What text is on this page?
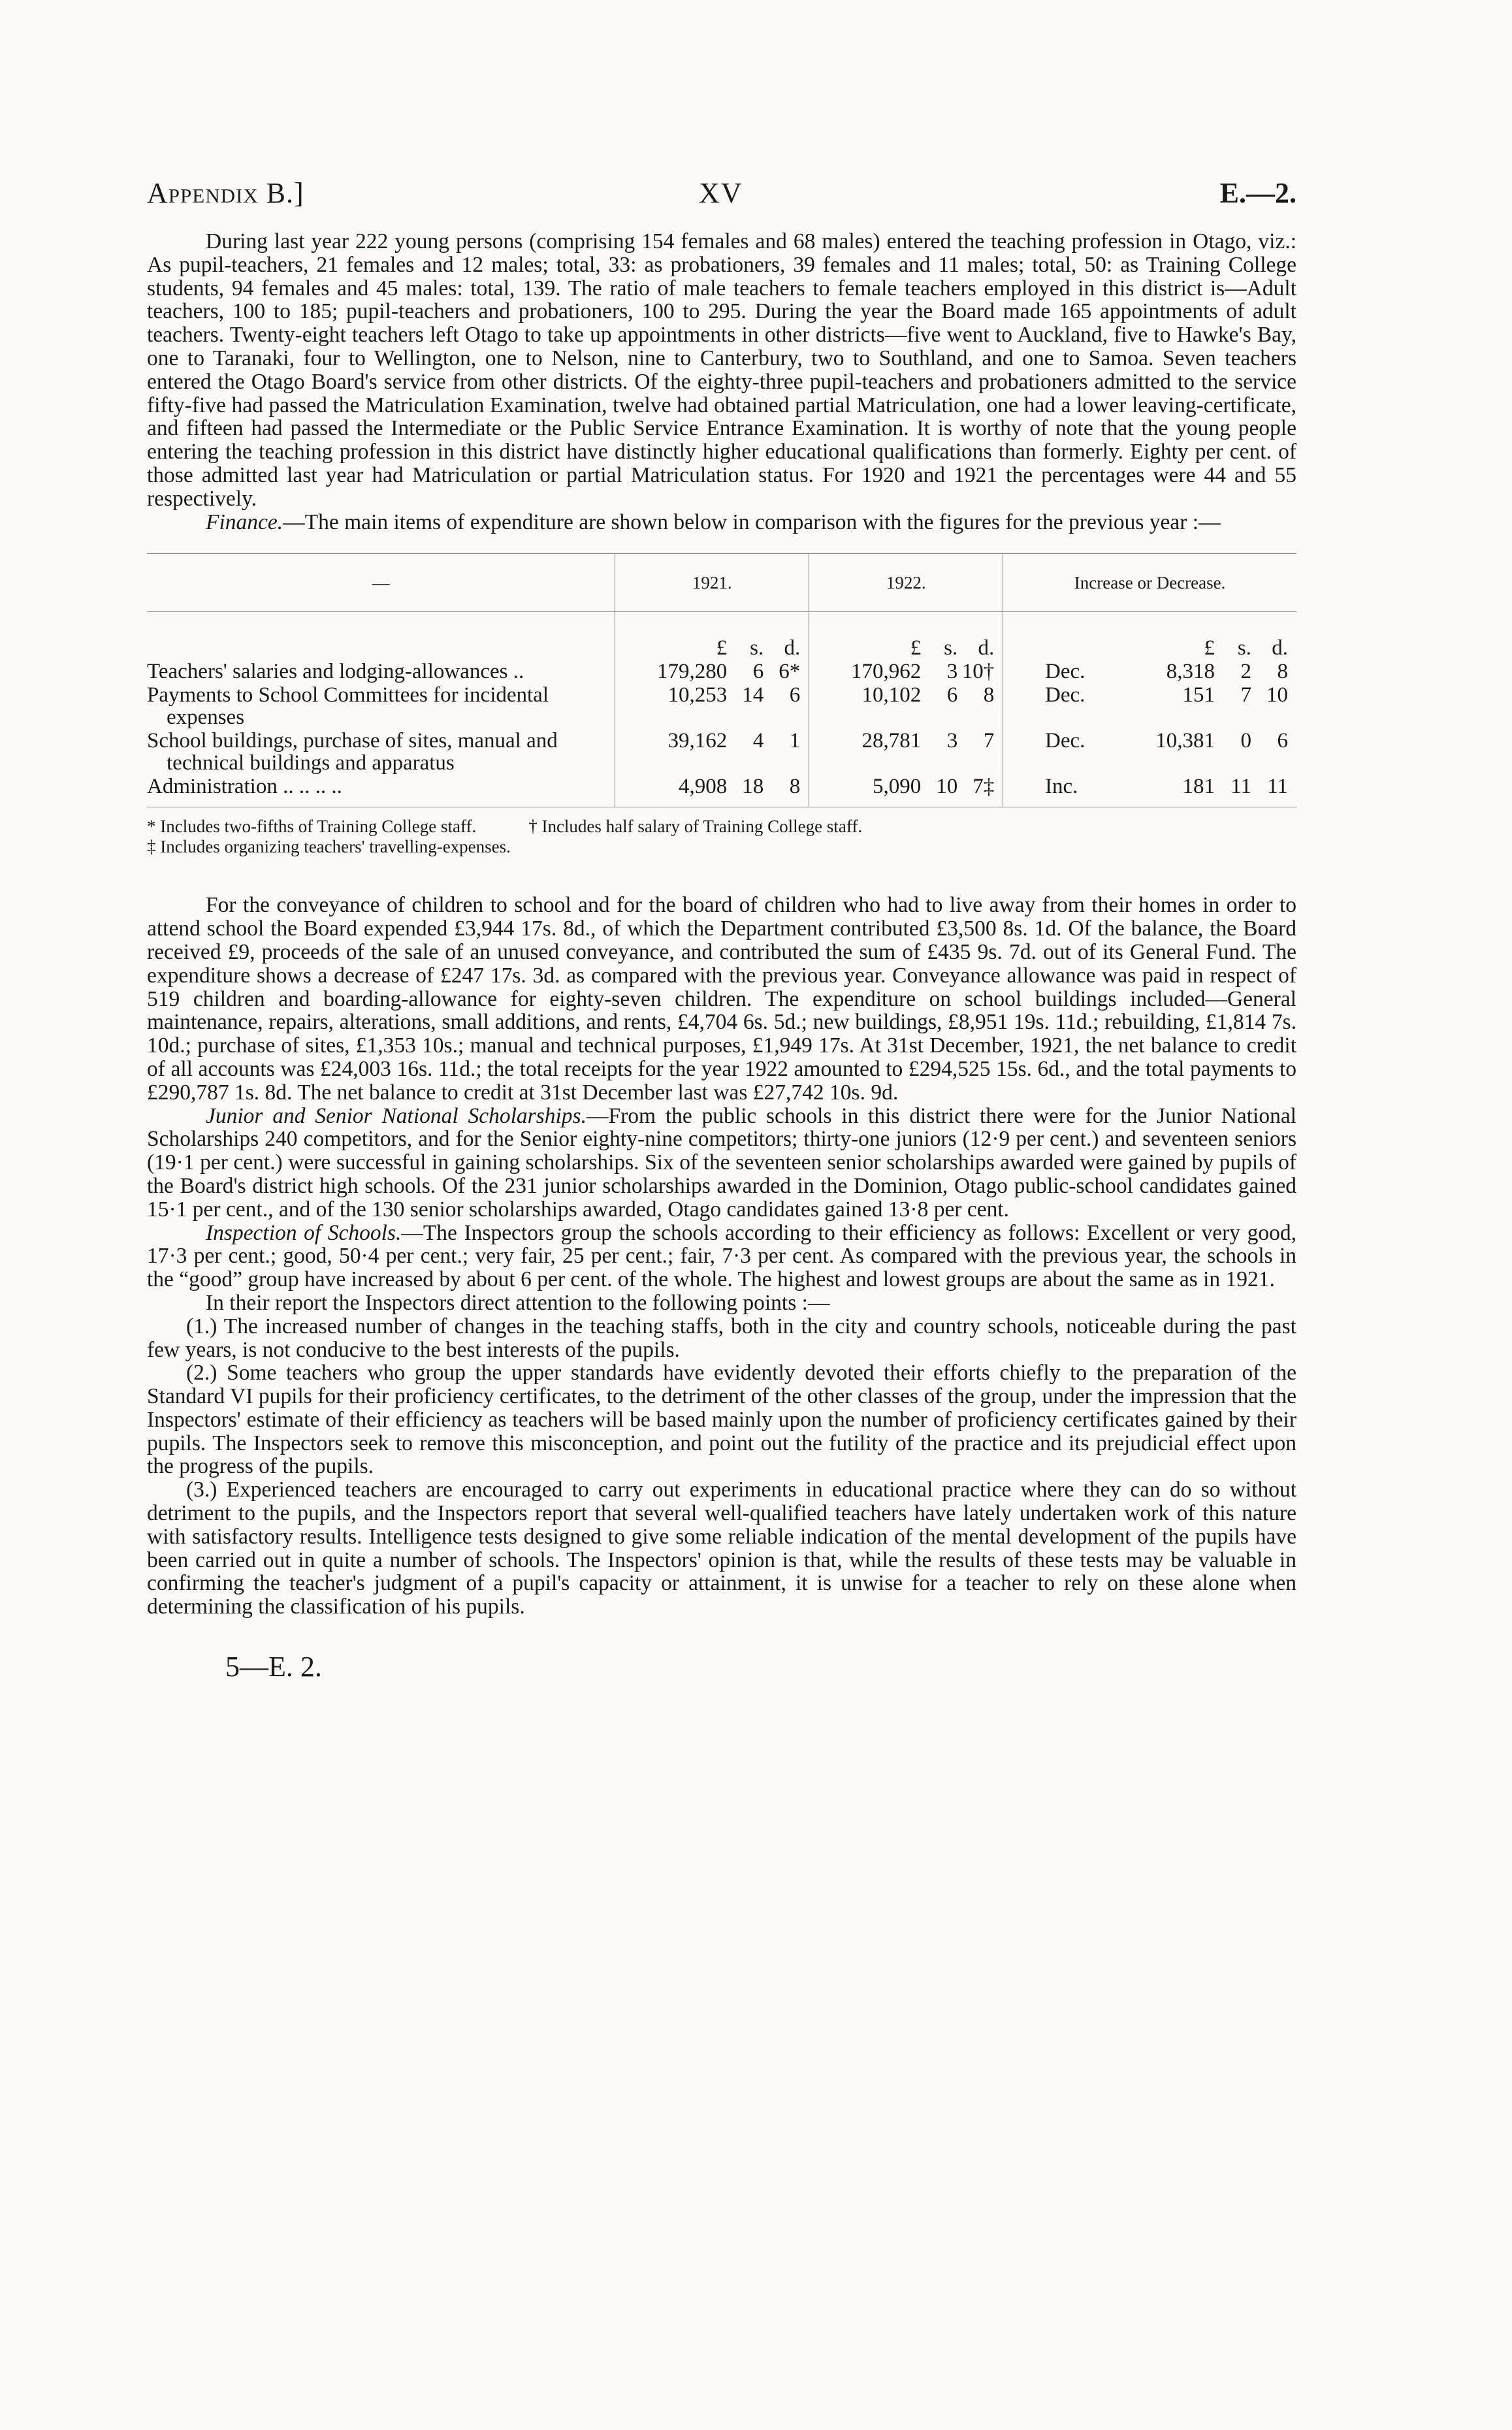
Appendix B.]	XV	E.—2.

During last year 222 young persons (comprising 154 females and 68 males) entered the teaching profession in Otago, viz.: As pupil-teachers, 21 females and 12 males; total, 33: as probationers, 39 females and 11 males; total, 50: as Training College students, 94 females and 45 males: total, 139. The ratio of male teachers to female teachers employed in this district is—Adult teachers, 100 to 185; pupil-teachers and probationers, 100 to 295. During the year the Board made 165 appointments of adult teachers. Twenty-eight teachers left Otago to take up appointments in other districts—five went to Auckland, five to Hawke's Bay, one to Taranaki, four to Wellington, one to Nelson, nine to Canterbury, two to Southland, and one to Samoa. Seven teachers entered the Otago Board's service from other districts. Of the eighty-three pupil-teachers and probationers admitted to the service fifty-five had passed the Matriculation Examination, twelve had obtained partial Matriculation, one had a lower leaving-certificate, and fifteen had passed the Intermediate or the Public Service Entrance Examination. It is worthy of note that the young people entering the teaching profession in this district have distinctly higher educational qualifications than formerly. Eighty per cent. of those admitted last year had Matriculation or partial Matriculation status. For 1920 and 1921 the percentages were 44 and 55 respectively.

Finance.—The main items of expenditure are shown below in comparison with the figures for the previous year :—

—	1921.	1922.	Increase or Decrease.

	£ s. d.	£ s. d.	£ s. d.

Teachers' salaries and lodging-allowances ..	179,280 6 6*	170,962 3 10†	Dec. 8,318 2 8

Payments to School Committees for incidental
expenses	10,253 14 6	10,102 6 8	Dec. 151 7 10

School buildings, purchase of sites, manual and
technical buildings and apparatus	39,162 4 1	28,781 3 7	Dec. 10,381 0 6

Administration .. .. .. ..	4,908 18 8	5,090 10 7‡	Inc. 181 11 11
* Includes two-fifths of Training College staff.	† Includes half salary of Training College staff.
‡ Includes organizing teachers' travelling-expenses.

For the conveyance of children to school and for the board of children who had to live away from their homes in order to attend school the Board expended £3,944 17s. 8d., of which the Department contributed £3,500 8s. 1d. Of the balance, the Board received £9, proceeds of the sale of an unused conveyance, and contributed the sum of £435 9s. 7d. out of its General Fund. The expenditure shows a decrease of £247 17s. 3d. as compared with the previous year. Conveyance allowance was paid in respect of 519 children and boarding-allowance for eighty-seven children. The expenditure on school buildings included—General maintenance, repairs, alterations, small additions, and rents, £4,704 6s. 5d.; new buildings, £8,951 19s. 11d.; rebuilding, £1,814 7s. 10d.; purchase of sites, £1,353 10s.; manual and technical purposes, £1,949 17s. At 31st December, 1921, the net balance to credit of all accounts was £24,003 16s. 11d.; the total receipts for the year 1922 amounted to £294,525 15s. 6d., and the total payments to £290,787 1s. 8d. The net balance to credit at 31st December last was £27,742 10s. 9d.

Junior and Senior National Scholarships.—From the public schools in this district there were for the Junior National Scholarships 240 competitors, and for the Senior eighty-nine competitors; thirty-one juniors (12·9 per cent.) and seventeen seniors (19·1 per cent.) were successful in gaining scholarships. Six of the seventeen senior scholarships awarded were gained by pupils of the Board's district high schools. Of the 231 junior scholarships awarded in the Dominion, Otago public-school candidates gained 15·1 per cent., and of the 130 senior scholarships awarded, Otago candidates gained 13·8 per cent.

Inspection of Schools.—The Inspectors group the schools according to their efficiency as follows: Excellent or very good, 17·3 per cent.; good, 50·4 per cent.; very fair, 25 per cent.; fair, 7·3 per cent. As compared with the previous year, the schools in the “good” group have increased by about 6 per cent. of the whole. The highest and lowest groups are about the same as in 1921.

In their report the Inspectors direct attention to the following points :—

(1.) The increased number of changes in the teaching staffs, both in the city and country schools, noticeable during the past few years, is not conducive to the best interests of the pupils.

(2.) Some teachers who group the upper standards have evidently devoted their efforts chiefly to the preparation of the Standard VI pupils for their proficiency certificates, to the detriment of the other classes of the group, under the impression that the Inspectors' estimate of their efficiency as teachers will be based mainly upon the number of proficiency certificates gained by their pupils. The Inspectors seek to remove this misconception, and point out the futility of the practice and its prejudicial effect upon the progress of the pupils.

(3.) Experienced teachers are encouraged to carry out experiments in educational practice where they can do so without detriment to the pupils, and the Inspectors report that several well-qualified teachers have lately undertaken work of this nature with satisfactory results. Intelligence tests designed to give some reliable indication of the mental development of the pupils have been carried out in quite a number of schools. The Inspectors' opinion is that, while the results of these tests may be valuable in confirming the teacher's judgment of a pupil's capacity or attainment, it is unwise for a teacher to rely on these alone when determining the classification of his pupils.

5—E. 2.
